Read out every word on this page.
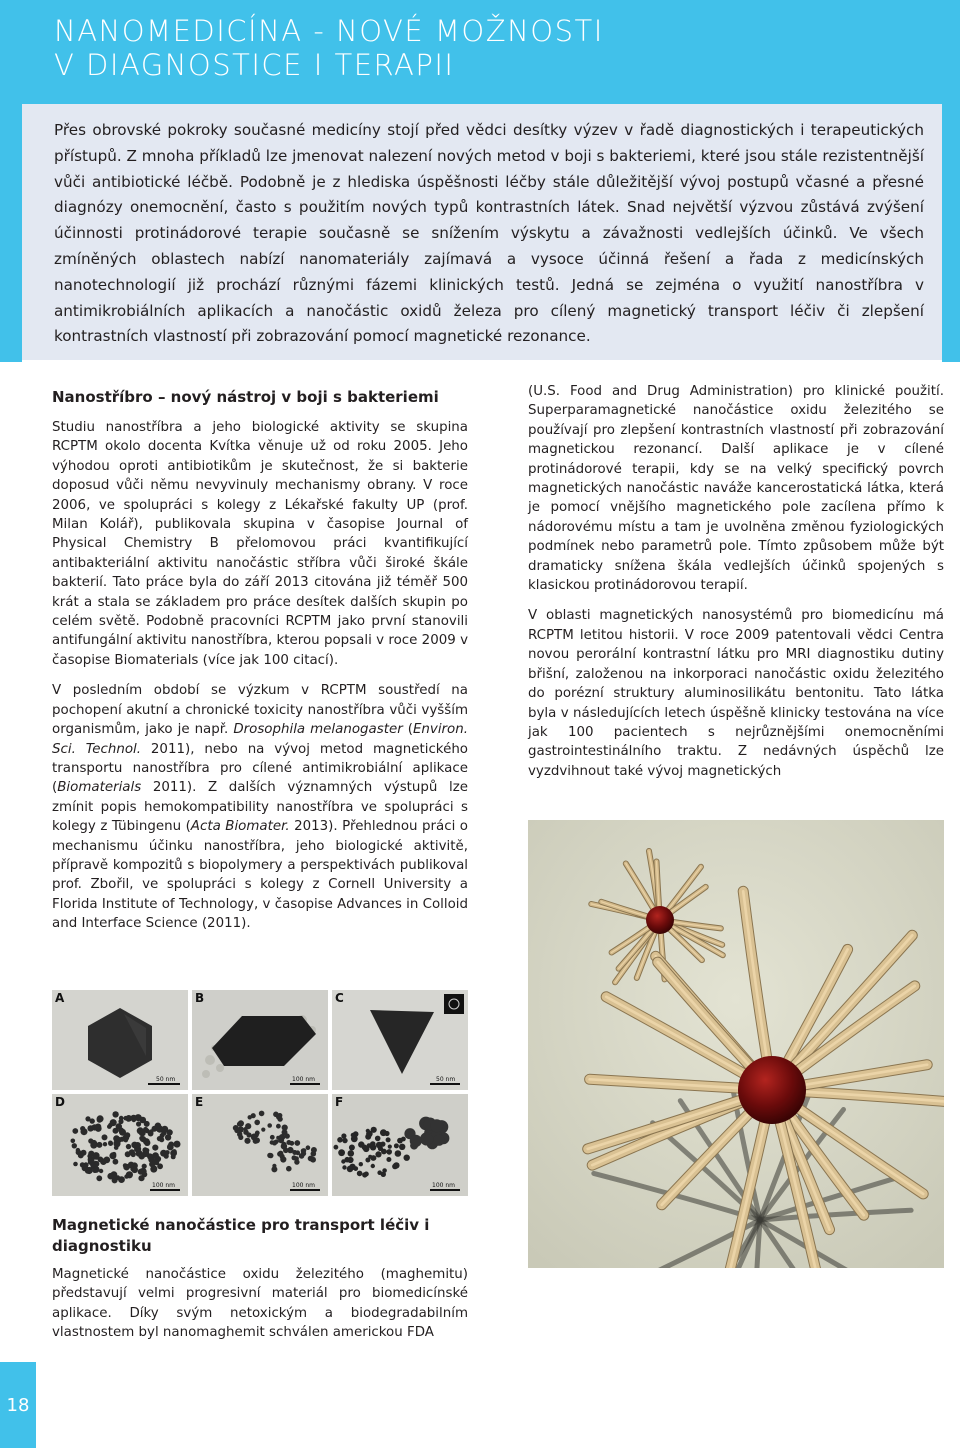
NANOMEDICÍNA - NOVÉ MOŽNOSTI
V DIAGNOSTICE I TERAPII

Přes obrovské pokroky současné medicíny stojí před vědci desítky výzev v řadě diagnostických i terapeutických přístupů. Z mnoha příkladů lze jmenovat nalezení nových metod v boji s bakteriemi, které jsou stále rezistentnější vůči antibiotické léčbě. Podobně je z hlediska úspěšnosti léčby stále důležitější vývoj postupů včasné a přesné diagnózy onemocnění, často s použitím nových typů kontrastních látek. Snad největší výzvou zůstává zvýšení účinnosti protinádorové terapie současně se snížením výskytu a závažnosti vedlejších účinků. Ve všech zmíněných oblastech nabízí nanomateriály zajímavá a vysoce účinná řešení a řada z medicínských nanotechnologií již prochází různými fázemi klinických testů. Jedná se zejména o využití nanostříbra v antimikrobiálních aplikacích a nanočástic oxidů železa pro cílený magnetický transport léčiv či zlepšení kontrastních vlastností při zobrazování pomocí magnetické rezonance.

Nanostříbro – nový nástroj v boji s bakteriemi

Studiu nanostříbra a jeho biologické aktivity se skupina RCPTM okolo docenta Kvítka věnuje už od roku 2005. Jeho výhodou oproti antibiotikům je skutečnost, že si bakterie doposud vůči němu nevyvinuly mechanismy obrany. V roce 2006, ve spolupráci s kolegy z Lékařské fakulty UP (prof. Milan Kolář), publikovala skupina v časopise Journal of Physical Chemistry B přelomovou práci kvantifikující antibakteriální aktivitu nanočástic stříbra vůči široké škále bakterií. Tato práce byla do září 2013 citována již téměř 500 krát a stala se základem pro práce desítek dalších skupin po celém světě. Podobně pracovníci RCPTM jako první stanovili antifungální aktivitu nanostříbra, kterou popsali v roce 2009 v časopise Biomaterials (více jak 100 citací).

V posledním období se výzkum v RCPTM soustředí na pochopení akutní a chronické toxicity nanostříbra vůči vyšším organismům, jako je např. Drosophila melanogaster (Environ. Sci. Technol. 2011), nebo na vývoj metod magnetického transportu nanostříbra pro cílené antimikrobiální aplikace (Biomaterials 2011). Z dalších významných výstupů lze zmínit popis hemokompatibility nanostříbra ve spolupráci s kolegy z Tübingenu (Acta Biomater. 2013). Přehlednou práci o mechanismu účinku nanostříbra, jeho biologické aktivitě, přípravě kompozitů s biopolymery a perspektivách publikoval prof. Zbořil, ve spolupráci s kolegy z Cornell University a Florida Institute of Technology, v časopise Advances in Colloid and Interface Science (2011).

50 nm
A
100 nm
B
50 nm
C
100 nm
D
100 nm
E
100 nm
F
Magnetické nanočástice pro transport léčiv i diagnostiku

Magnetické nanočástice oxidu železitého (maghemitu) představují velmi progresivní materiál pro biomedicínské aplikace. Díky svým netoxickým a biodegradabilním vlastnostem byl nanomaghemit schválen americkou FDA

(U.S. Food and Drug Administration) pro klinické použití. Superparamagnetické nanočástice oxidu železitého se používají pro zlepšení kontrastních vlastností při zobrazování magnetickou rezonancí. Další aplikace je v cílené protinádorové terapii, kdy se na velký specifický povrch magnetických nanočástic naváže kancerostatická látka, která je pomocí vnějšího magnetického pole zacílena přímo k nádorovému místu a tam je uvolněna změnou fyziologických podmínek nebo parametrů pole. Tímto způsobem může být dramaticky snížena škála vedlejších účinků spojených s klasickou protinádorovou terapií.

V oblasti magnetických nanosystémů pro biomedicínu má RCPTM letitou historii. V roce 2009 patentovali vědci Centra novou perorální kontrastní látku pro MRI diagnostiku dutiny břišní, založenou na inkorporaci nanočástic oxidu železitého do porézní struktury aluminosilikátu bentonitu. Tato látka byla v následujících letech úspěšně klinicky testována na více jak 100 pacientech s nejrůznějšími onemocněními gastrointestinálního traktu. Z nedávných úspěchů lze vyzdvihnout také vývoj magnetických

18
